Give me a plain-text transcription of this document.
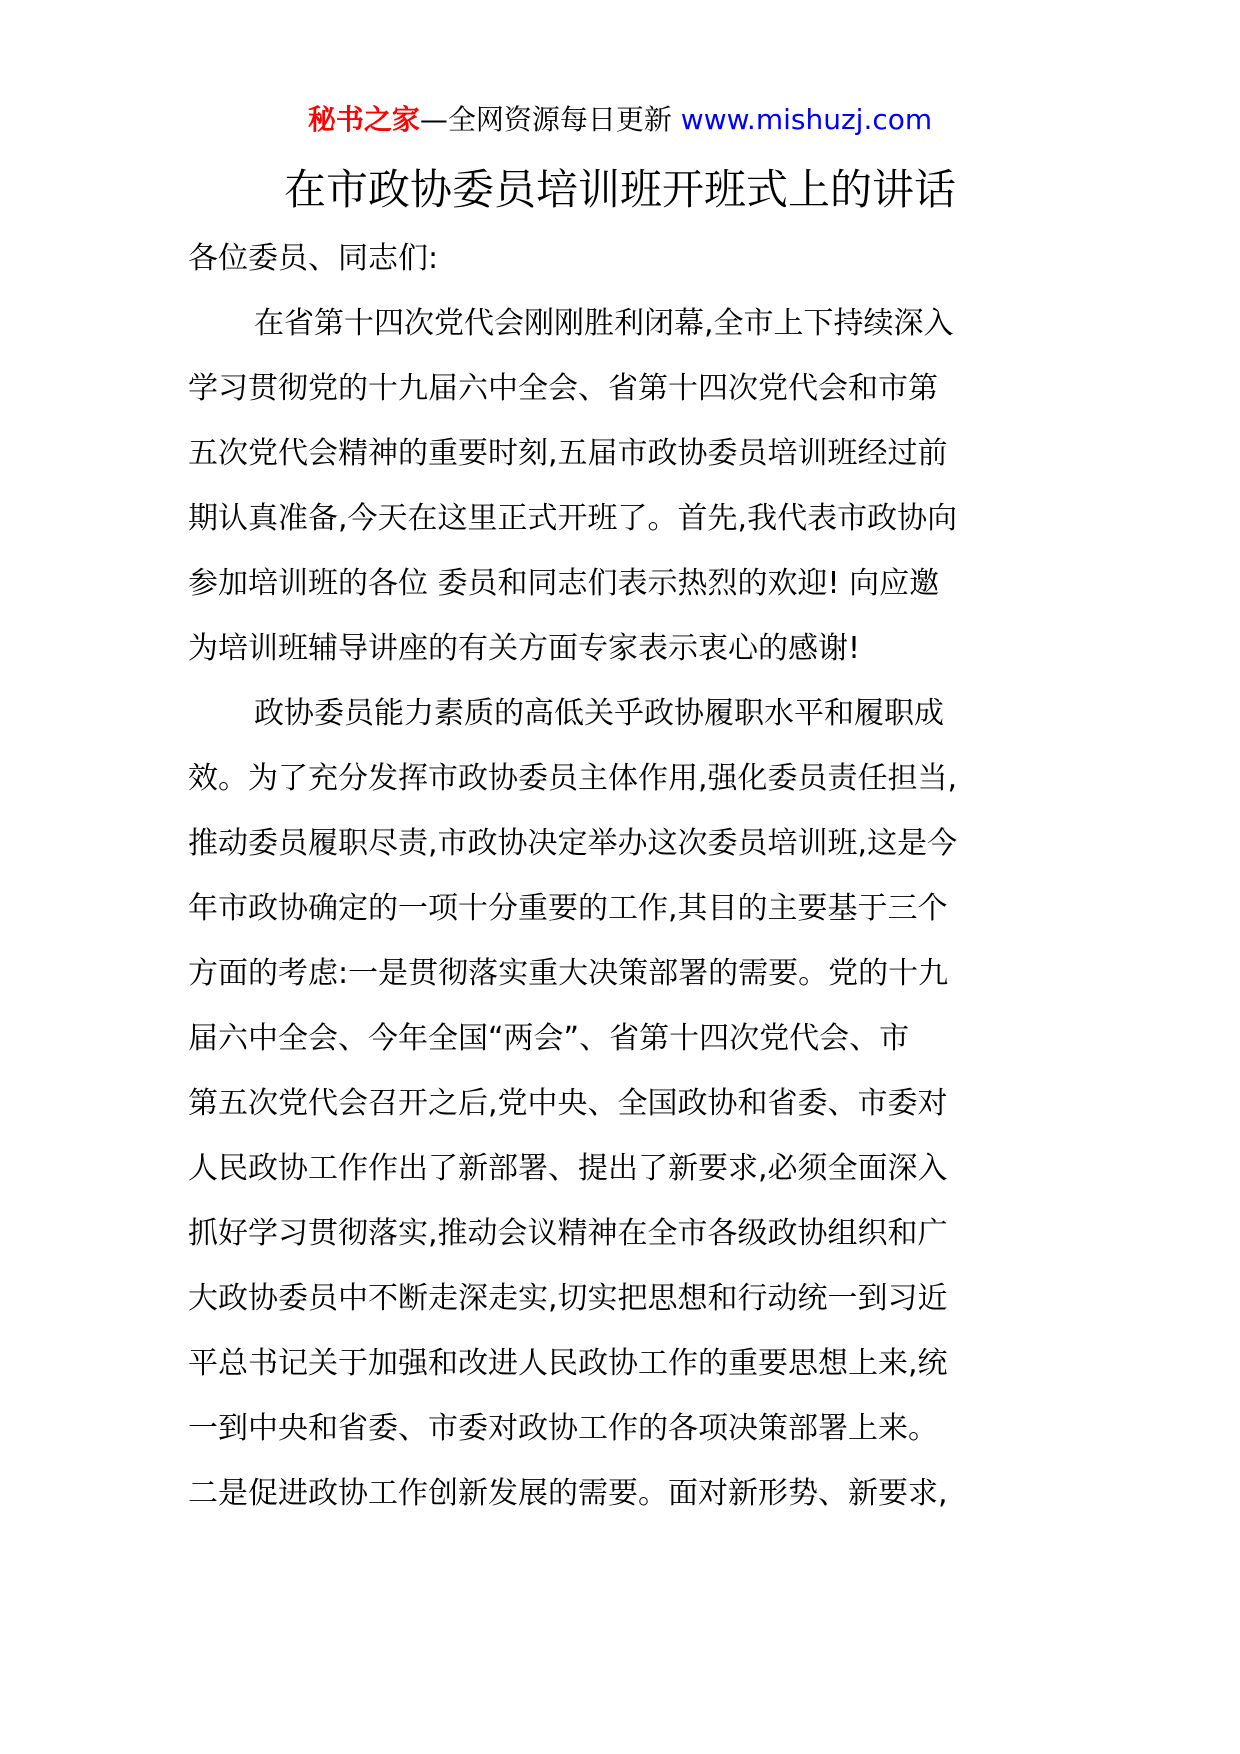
秘书之家—全网资源每日更新 www.mishuzj.com
在市政协委员培训班开班式上的讲话
各位委员、同志们:
在省第十四次党代会刚刚胜利闭幕,全市上下持续深入
学习贯彻党的十九届六中全会、省第十四次党代会和市第
五次党代会精神的重要时刻,五届市政协委员培训班经过前
期认真准备,今天在这里正式开班了。首先,我代表市政协向
参加培训班的各位 委员和同志们表示热烈的欢迎! 向应邀
为培训班辅导讲座的有关方面专家表示衷心的感谢!
政协委员能力素质的高低关乎政协履职水平和履职成
效。为了充分发挥市政协委员主体作用,强化委员责任担当,
推动委员履职尽责,市政协决定举办这次委员培训班,这是今
年市政协确定的一项十分重要的工作,其目的主要基于三个
方面的考虑:一是贯彻落实重大决策部署的需要。党的十九
届六中全会、今年全国“两会”、省第十四次党代会、市
第五次党代会召开之后,党中央、全国政协和省委、市委对
人民政协工作作出了新部署、提出了新要求,必须全面深入
抓好学习贯彻落实,推动会议精神在全市各级政协组织和广
大政协委员中不断走深走实,切实把思想和行动统一到习近
平总书记关于加强和改进人民政协工作的重要思想上来,统
一到中央和省委、市委对政协工作的各项决策部署上来。
二是促进政协工作创新发展的需要。面对新形势、新要求,
